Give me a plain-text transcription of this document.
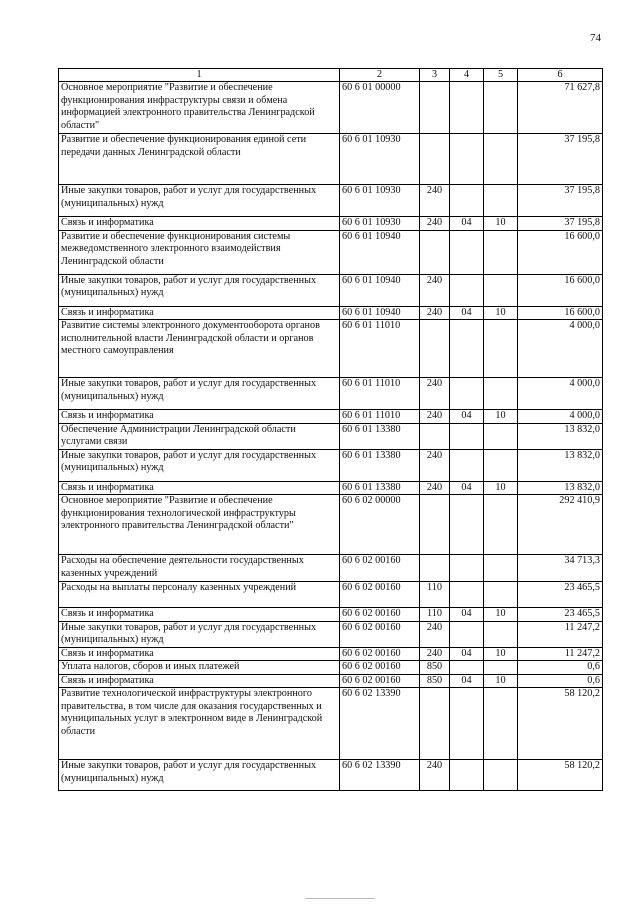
74
1	2	3	4	5	6
Основное мероприятие "Развитие и обеспечение функционирования инфраструктуры связи и обмена информацией электронного правительства Ленинградской области"	60 6 01 00000				71 627,8
Развитие и обеспечение функционирования единой сети передачи данных Ленинградской области	60 6 01 10930				37 195,8
Иные закупки товаров, работ и услуг для государственных (муниципальных) нужд	60 6 01 10930	240			37 195,8
Связь и информатика	60 6 01 10930	240	04	10	37 195,8
Развитие и обеспечение функционирования системы межведомственного электронного взаимодействия Ленинградской области	60 6 01 10940				16 600,0
Иные закупки товаров, работ и услуг для государственных (муниципальных) нужд	60 6 01 10940	240			16 600,0
Связь и информатика	60 6 01 10940	240	04	10	16 600,0
Развитие системы электронного документооборота органов исполнительной власти Ленинградской области и органов местного самоуправления	60 6 01 11010				4 000,0
Иные закупки товаров, работ и услуг для государственных (муниципальных) нужд	60 6 01 11010	240			4 000,0
Связь и информатика	60 6 01 11010	240	04	10	4 000,0
Обеспечение Администрации Ленинградской области услугами связи	60 6 01 13380				13 832,0
Иные закупки товаров, работ и услуг для государственных (муниципальных) нужд	60 6 01 13380	240			13 832,0
Связь и информатика	60 6 01 13380	240	04	10	13 832,0
Основное мероприятие "Развитие и обеспечение функционирования технологической инфраструктуры электронного правительства Ленинградской области"	60 6 02 00000				292 410,9
Расходы на обеспечение деятельности государственных казенных учреждений	60 6 02 00160				34 713,3
Расходы на выплаты персоналу казенных учреждений	60 6 02 00160	110			23 465,5
Связь и информатика	60 6 02 00160	110	04	10	23 465,5
Иные закупки товаров, работ и услуг для государственных (муниципальных) нужд	60 6 02 00160	240			11 247,2
Связь и информатика	60 6 02 00160	240	04	10	11 247,2
Уплата налогов, сборов и иных платежей	60 6 02 00160	850			0,6
Связь и информатика	60 6 02 00160	850	04	10	0,6
Развитие технологической инфраструктуры электронного правительства, в том числе для оказания государственных и муниципальных услуг в электронном виде в Ленинградской области	60 6 02 13390				58 120,2
Иные закупки товаров, работ и услуг для государственных (муниципальных) нужд	60 6 02 13390	240			58 120,2
